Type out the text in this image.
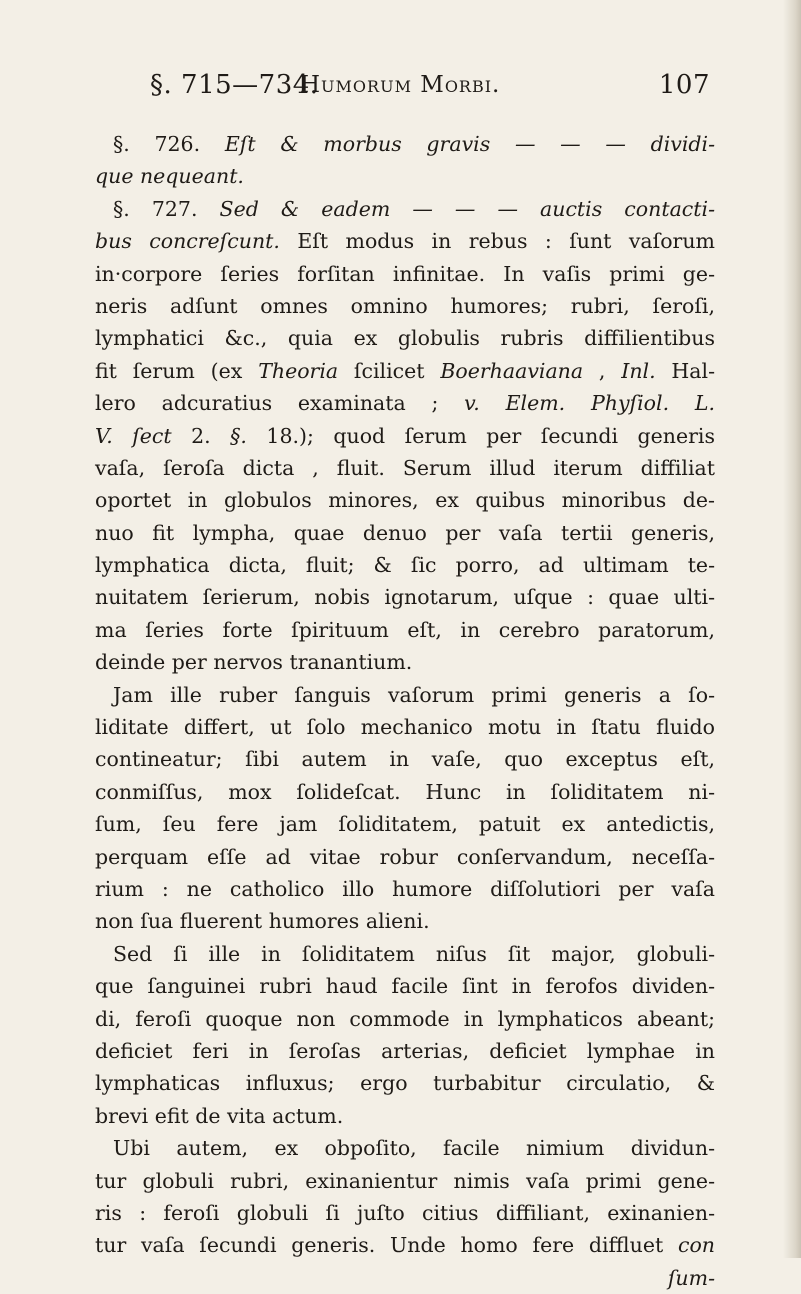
§. 715—734.
Humorum Morbi.	107
§. 726. Eſt & morbus gravis — — — dividi-
que nequeant.
§. 727. Sed & eadem — — — auctis contacti-
bus concreſcunt. Eſt modus in rebus : ſunt vaſorum
in·corpore ſeries forſitan infinitae. In vaſis primi ge-
neris adſunt omnes omnino humores; rubri, ſeroſi,
lymphatici &c., quia ex globulis rubris diffilientibus
fit ſerum (ex Theoria ſcilicet Boerhaaviana , Inl. Hal-
lero adcuratius examinata ; v. Elem. Phyſiol. L.
V. ſect 2. §. 18.); quod ſerum per ſecundi generis
vaſa, ſeroſa dicta , fluit. Serum illud iterum diffiliat
oportet in globulos minores, ex quibus minoribus de-
nuo fit lympha, quae denuo per vaſa tertii generis,
lymphatica dicta, fluit; & ſic porro, ad ultimam te-
nuitatem ſerierum, nobis ignotarum, uſque : quae ulti-
ma ſeries forte ſpirituum eſt, in cerebro paratorum,
deinde per nervos tranantium.
Jam ille ruber ſanguis vaſorum primi generis a ſo-
liditate differt, ut ſolo mechanico motu in ſtatu fluido
contineatur; ſibi autem in vaſe, quo exceptus eſt,
conmiſſus, mox ſolideſcat. Hunc in ſoliditatem ni-
ſum, ſeu fere jam ſoliditatem, patuit ex antedictis,
perquam eſſe ad vitae robur conſervandum, neceſſa-
rium : ne catholico illo humore diſſolutiori per vaſa
non ſua fluerent humores alieni.
Sed ſi ille in ſoliditatem niſus ſit major, globuli-
que ſanguinei rubri haud facile ſint in ferofos dividen-
di, feroſi quoque non commode in lymphaticos abeant;
deficiet feri in ſeroſas arterias, deficiet lymphae in
lymphaticas influxus; ergo turbabitur circulatio, &
brevi efit de vita actum.
Ubi autem, ex obpoſito, facile nimium dividun-
tur globuli rubri, exinanientur nimis vaſa primi gene-
ris : feroſi globuli ſi juſto citius diffiliant, exinanien-
tur vaſa ſecundi generis. Unde homo fere diffluet con
ſum-
